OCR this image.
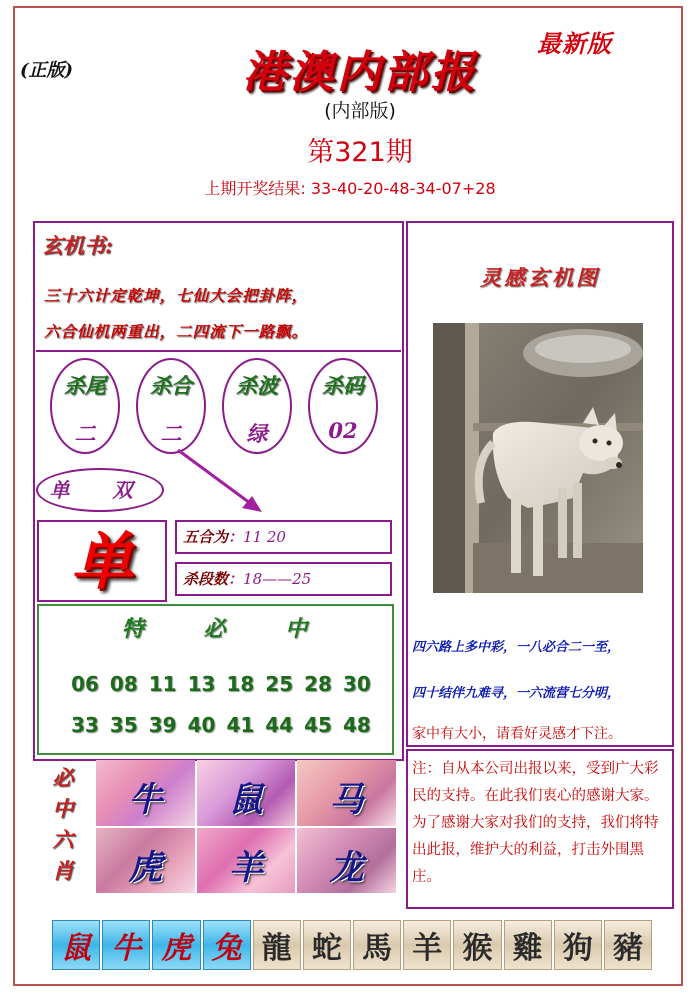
(正版)
最新版
港澳内部报
(内部版)
第321期
上期开奖结果: 33-40-20-48-34-07+28
玄机书:
三十六计定乾坤，七仙大会把卦阵，
六合仙机两重出，二四流下一路飘。
杀尾
二
杀合
二
杀波
绿
杀码
02
单 双
单	五合为：11 20
杀段数：18——25
特 必 中
06 08 11 13 18 25 28 30
33 35 39 40 41 44 45 48
必中六肖
牛	鼠	马
虎	羊	龙
灵感玄机图
四六路上多中彩，一八必合二一至，
四十结伴九难寻，一六流营七分明，
家中有大小，请看好灵感才下注。
注：自从本公司出报以来，受到广大彩民的支持。在此我们衷心的感谢大家。为了感谢大家对我们的支持，我们将特出此报，维护大的利益，打击外围黑庄。
鼠 牛 虎 兔 龍 蛇 馬 羊 猴 雞 狗 豬
